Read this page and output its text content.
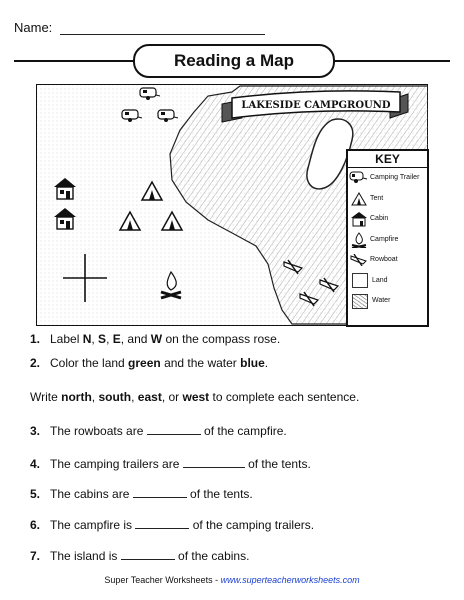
Name:
Reading a Map
LAKESIDE CAMPGROUND
KEY
Camping Trailer
Tent
Cabin
Campfire
Rowboat
Land
Water
1. Label N, S, E, and W on the compass rose.
2. Color the land green and the water blue.
Write north, south, east, or west to complete each sentence.
3. The rowboats are	of the campfire.
4. The camping trailers are	of the tents.
5. The cabins are	of the tents.
6. The campfire is	of the camping trailers.
7. The island is	of the cabins.
Super Teacher Worksheets - www.superteacherworksheets.com
